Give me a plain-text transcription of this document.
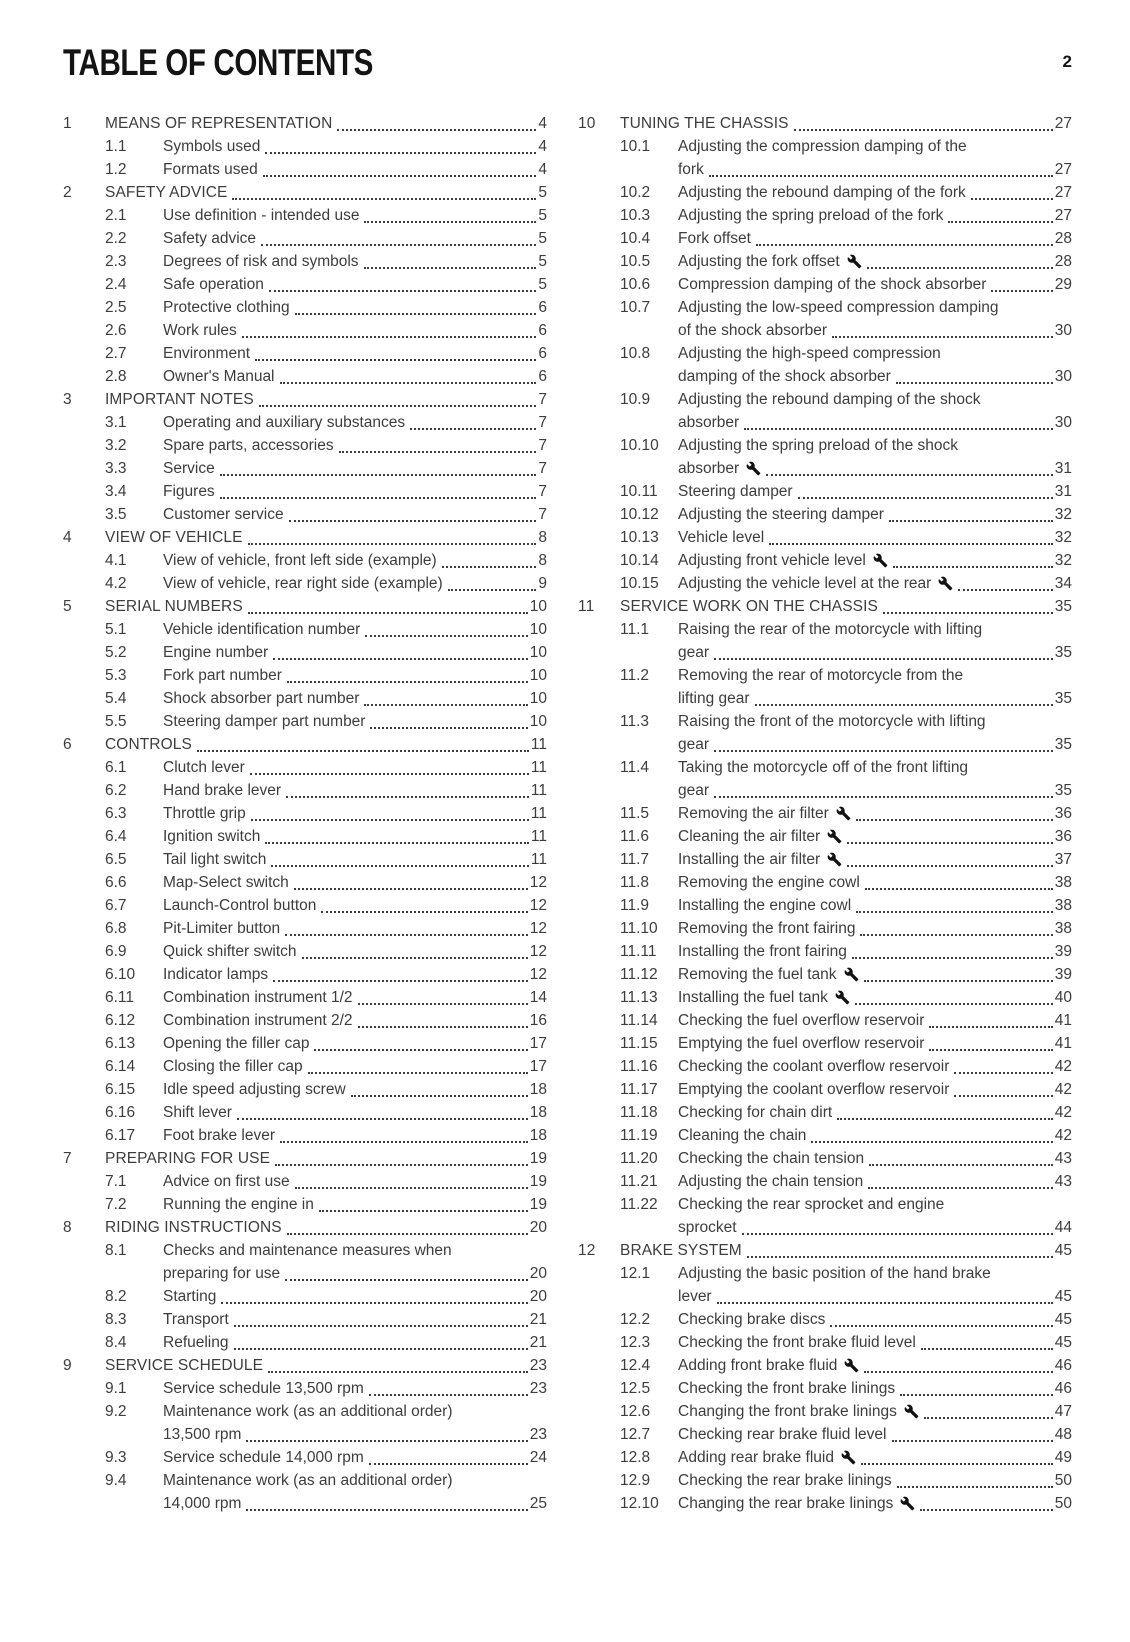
TABLE OF CONTENTS	2
1	MEANS OF REPRESENTATION	4
1.1	Symbols used	4
1.2	Formats used	4
2	SAFETY ADVICE	5
2.1	Use definition - intended use	5
2.2	Safety advice	5
2.3	Degrees of risk and symbols	5
2.4	Safe operation	5
2.5	Protective clothing	6
2.6	Work rules	6
2.7	Environment	6
2.8	Owner's Manual	6
3	IMPORTANT NOTES	7
3.1	Operating and auxiliary substances	7
3.2	Spare parts, accessories	7
3.3	Service	7
3.4	Figures	7
3.5	Customer service	7
4	VIEW OF VEHICLE	8
4.1	View of vehicle, front left side (example)	8
4.2	View of vehicle, rear right side (example)	9
5	SERIAL NUMBERS	10
5.1	Vehicle identification number	10
5.2	Engine number	10
5.3	Fork part number	10
5.4	Shock absorber part number	10
5.5	Steering damper part number	10
6	CONTROLS	11
6.1	Clutch lever	11
6.2	Hand brake lever	11
6.3	Throttle grip	11
6.4	Ignition switch	11
6.5	Tail light switch	11
6.6	Map-Select switch	12
6.7	Launch-Control button	12
6.8	Pit-Limiter button	12
6.9	Quick shifter switch	12
6.10	Indicator lamps	12
6.11	Combination instrument 1/2	14
6.12	Combination instrument 2/2	16
6.13	Opening the filler cap	17
6.14	Closing the filler cap	17
6.15	Idle speed adjusting screw	18
6.16	Shift lever	18
6.17	Foot brake lever	18
7	PREPARING FOR USE	19
7.1	Advice on first use	19
7.2	Running the engine in	19
8	RIDING INSTRUCTIONS	20
8.1	Checks and maintenance measures when
preparing for use	20
8.2	Starting	20
8.3	Transport	21
8.4	Refueling	21
9	SERVICE SCHEDULE	23
9.1	Service schedule 13,500 rpm	23
9.2	Maintenance work (as an additional order)
13,500 rpm	23
9.3	Service schedule 14,000 rpm	24
9.4	Maintenance work (as an additional order)
14,000 rpm	25
10	TUNING THE CHASSIS	27
10.1	Adjusting the compression damping of the
fork	27
10.2	Adjusting the rebound damping of the fork	27
10.3	Adjusting the spring preload of the fork	27
10.4	Fork offset	28
10.5	Adjusting the fork offset	28
10.6	Compression damping of the shock absorber	29
10.7	Adjusting the low-speed compression damping
of the shock absorber	30
10.8	Adjusting the high-speed compression
damping of the shock absorber	30
10.9	Adjusting the rebound damping of the shock
absorber	30
10.10	Adjusting the spring preload of the shock
absorber	31
10.11	Steering damper	31
10.12	Adjusting the steering damper	32
10.13	Vehicle level	32
10.14	Adjusting front vehicle level	32
10.15	Adjusting the vehicle level at the rear	34
11	SERVICE WORK ON THE CHASSIS	35
11.1	Raising the rear of the motorcycle with lifting
gear	35
11.2	Removing the rear of motorcycle from the
lifting gear	35
11.3	Raising the front of the motorcycle with lifting
gear	35
11.4	Taking the motorcycle off of the front lifting
gear	35
11.5	Removing the air filter	36
11.6	Cleaning the air filter	36
11.7	Installing the air filter	37
11.8	Removing the engine cowl	38
11.9	Installing the engine cowl	38
11.10	Removing the front fairing	38
11.11	Installing the front fairing	39
11.12	Removing the fuel tank	39
11.13	Installing the fuel tank	40
11.14	Checking the fuel overflow reservoir	41
11.15	Emptying the fuel overflow reservoir	41
11.16	Checking the coolant overflow reservoir	42
11.17	Emptying the coolant overflow reservoir	42
11.18	Checking for chain dirt	42
11.19	Cleaning the chain	42
11.20	Checking the chain tension	43
11.21	Adjusting the chain tension	43
11.22	Checking the rear sprocket and engine
sprocket	44
12	BRAKE SYSTEM	45
12.1	Adjusting the basic position of the hand brake
lever	45
12.2	Checking brake discs	45
12.3	Checking the front brake fluid level	45
12.4	Adding front brake fluid	46
12.5	Checking the front brake linings	46
12.6	Changing the front brake linings	47
12.7	Checking rear brake fluid level	48
12.8	Adding rear brake fluid	49
12.9	Checking the rear brake linings	50
12.10	Changing the rear brake linings	50
